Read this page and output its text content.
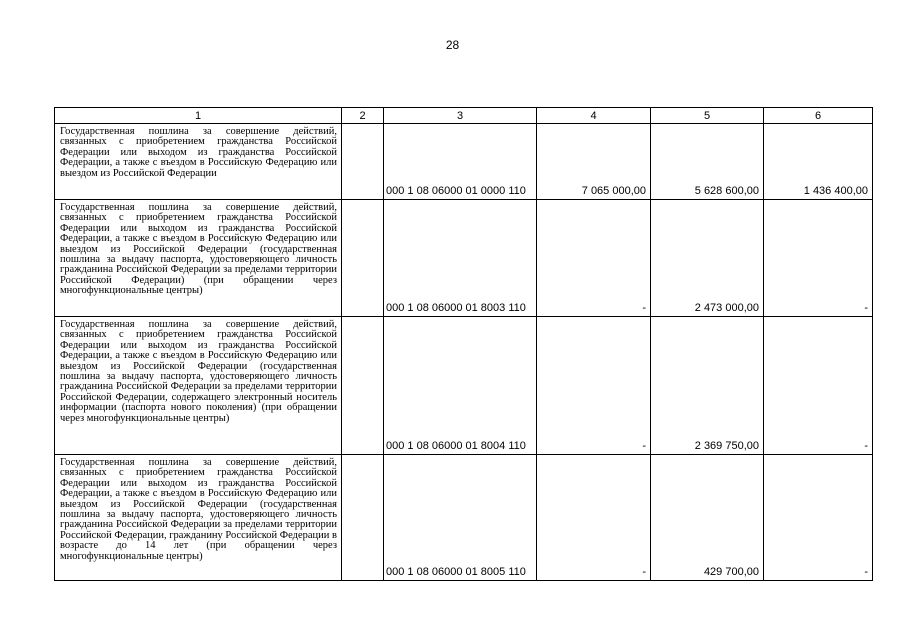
28
1	2	3	4	5	6
Государственная пошлина за совершение действий, связанных с приобретением гражданства Российской Федерации или выходом из гражданства Российской Федерации, а также с въездом в Российскую Федерацию или выездом из Российской Федерации		000 1 08 06000 01 0000 110	7 065 000,00	5 628 600,00	1 436 400,00
Государственная пошлина за совершение действий, связанных с приобретением гражданства Российской Федерации или выходом из гражданства Российской Федерации, а также с въездом в Российскую Федерацию или выездом из Российской Федерации (государственная пошлина за выдачу паспорта, удостоверяющего личность гражданина Российской Федерации за пределами территории Российской Федерации) (при обращении через многофункциональные центры)		000 1 08 06000 01 8003 110	-	2 473 000,00	-
Государственная пошлина за совершение действий, связанных с приобретением гражданства Российской Федерации или выходом из гражданства Российской Федерации, а также с въездом в Российскую Федерацию или выездом из Российской Федерации (государственная пошлина за выдачу паспорта, удостоверяющего личность гражданина Российской Федерации за пределами территории Российской Федерации, содержащего электронный носитель информации (паспорта нового поколения) (при обращении через многофункциональные центры)		000 1 08 06000 01 8004 110	-	2 369 750,00	-
Государственная пошлина за совершение действий, связанных с приобретением гражданства Российской Федерации или выходом из гражданства Российской Федерации, а также с въездом в Российскую Федерацию или выездом из Российской Федерации (государственная пошлина за выдачу паспорта, удостоверяющего личность гражданина Российской Федерации за пределами территории Российской Федерации, гражданину Российской Федерации в возрасте до 14 лет (при обращении через многофункциональные центры)		000 1 08 06000 01 8005 110	-	429 700,00	-
